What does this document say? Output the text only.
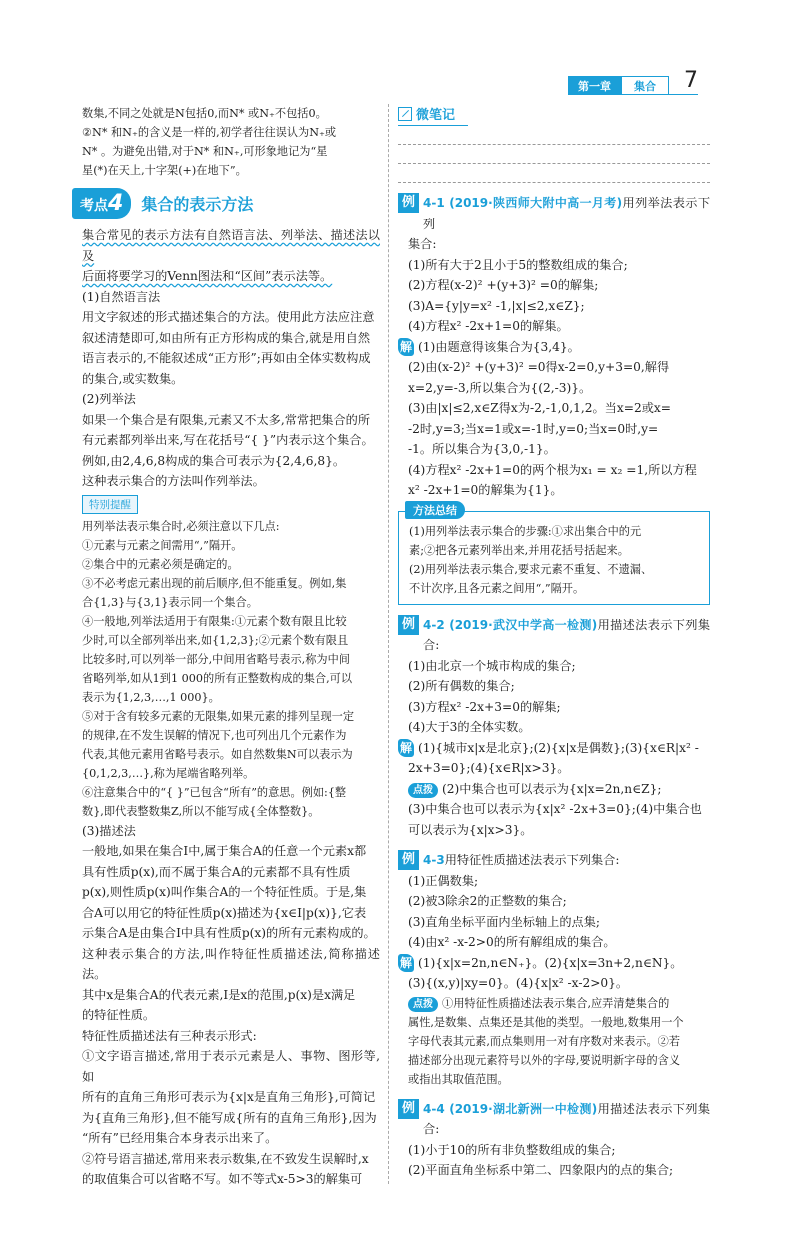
第一章	集合	7

数集,不同之处就是N包括0,而N* 或N₊不包括0。

②N* 和N₊的含义是一样的,初学者往往误认为N₊或

N* 。为避免出错,对于N* 和N₊,可形象地记为“星

星(*)在天上,十字架(+)在地下”。

考点4	集合的表示方法

集合常见的表示方法有自然语言法、列举法、描述法以及

后面将要学习的Venn图法和“区间”表示法等。

(1)自然语言法

用文字叙述的形式描述集合的方法。使用此方法应注意

叙述清楚即可,如由所有正方形构成的集合,就是用自然

语言表示的,不能叙述成“正方形”;再如由全体实数构成

的集合,或实数集。

(2)列举法

如果一个集合是有限集,元素又不太多,常常把集合的所

有元素都列举出来,写在花括号“{ }”内表示这个集合。

例如,由2,4,6,8构成的集合可表示为{2,4,6,8}。

这种表示集合的方法叫作列举法。

特别提醒

用列举法表示集合时,必须注意以下几点:

①元素与元素之间需用“,”隔开。

②集合中的元素必须是确定的。

③不必考虑元素出现的前后顺序,但不能重复。例如,集

合{1,3}与{3,1}表示同一个集合。

④一般地,列举法适用于有限集:①元素个数有限且比较

少时,可以全部列举出来,如{1,2,3};②元素个数有限且

比较多时,可以列举一部分,中间用省略号表示,称为中间

省略列举,如从1到1 000的所有正整数构成的集合,可以

表示为{1,2,3,…,1 000}。

⑤对于含有较多元素的无限集,如果元素的排列呈现一定

的规律,在不发生误解的情况下,也可列出几个元素作为

代表,其他元素用省略号表示。如自然数集N可以表示为

{0,1,2,3,…},称为尾端省略列举。

⑥注意集合中的“{ }”已包含“所有”的意思。例如:{整

数},即代表整数集Z,所以不能写成{全体整数}。

(3)描述法

一般地,如果在集合I中,属于集合A的任意一个元素x都

具有性质p(x),而不属于集合A的元素都不具有性质

p(x),则性质p(x)叫作集合A的一个特征性质。于是,集

合A可以用它的特征性质p(x)描述为{x∈I|p(x)},它表

示集合A是由集合I中具有性质p(x)的所有元素构成的。

这种表示集合的方法,叫作特征性质描述法,简称描述法。

其中x是集合A的代表元素,I是x的范围,p(x)是x满足

的特征性质。

特征性质描述法有三种表示形式:

①文字语言描述,常用于表示元素是人、事物、图形等,如

所有的直角三角形可表示为{x|x是直角三角形},可简记

为{直角三角形},但不能写成{所有的直角三角形},因为

“所有”已经用集合本身表示出来了。

②符号语言描述,常用来表示数集,在不致发生误解时,x

的取值集合可以省略不写。如不等式x-5>3的解集可

微笔记
例 4-1 (2019·陕西师大附中高一月考)用列举法表示下列

集合:

(1)所有大于2且小于5的整数组成的集合;

(2)方程(x-2)² +(y+3)² =0的解集;

(3)A={y|y=x² -1,|x|≤2,x∈Z};

(4)方程x² -2x+1=0的解集。

解 (1)由题意得该集合为{3,4}。

(2)由(x-2)² +(y+3)² =0得x-2=0,y+3=0,解得

x=2,y=-3,所以集合为{(2,-3)}。

(3)由|x|≤2,x∈Z得x为-2,-1,0,1,2。当x=2或x=

-2时,y=3;当x=1或x=-1时,y=0;当x=0时,y=

-1。所以集合为{3,0,-1}。

(4)方程x² -2x+1=0的两个根为x₁ = x₂ =1,所以方程

x² -2x+1=0的解集为{1}。

方法总结

(1)用列举法表示集合的步骤:①求出集合中的元

素;②把各元素列举出来,并用花括号括起来。

(2)用列举法表示集合,要求元素不重复、不遗漏、

不计次序,且各元素之间用“,”隔开。

例 4-2 (2019·武汉中学高一检测)用描述法表示下列集合:

(1)由北京一个城市构成的集合;

(2)所有偶数的集合;

(3)方程x² -2x+3=0的解集;

(4)大于3的全体实数。

解 (1){城市x|x是北京};(2){x|x是偶数};(3){x∈R|x² -

2x+3=0};(4){x∈R|x>3}。

点拨 (2)中集合也可以表示为{x|x=2n,n∈Z};

(3)中集合也可以表示为{x|x² -2x+3=0};(4)中集合也

可以表示为{x|x>3}。

例 4-3用特征性质描述法表示下列集合:

(1)正偶数集;

(2)被3除余2的正整数的集合;

(3)直角坐标平面内坐标轴上的点集;

(4)由x² -x-2>0的所有解组成的集合。

解 (1){x|x=2n,n∈N₊}。(2){x|x=3n+2,n∈N}。

(3){(x,y)|xy=0}。(4){x|x² -x-2>0}。

点拨 ①用特征性质描述法表示集合,应弄清楚集合的

属性,是数集、点集还是其他的类型。一般地,数集用一个

字母代表其元素,而点集则用一对有序数对来表示。②若

描述部分出现元素符号以外的字母,要说明新字母的含义

或指出其取值范围。

例 4-4 (2019·湖北新洲一中检测)用描述法表示下列集合:

(1)小于10的所有非负整数组成的集合;

(2)平面直角坐标系中第二、四象限内的点的集合;
